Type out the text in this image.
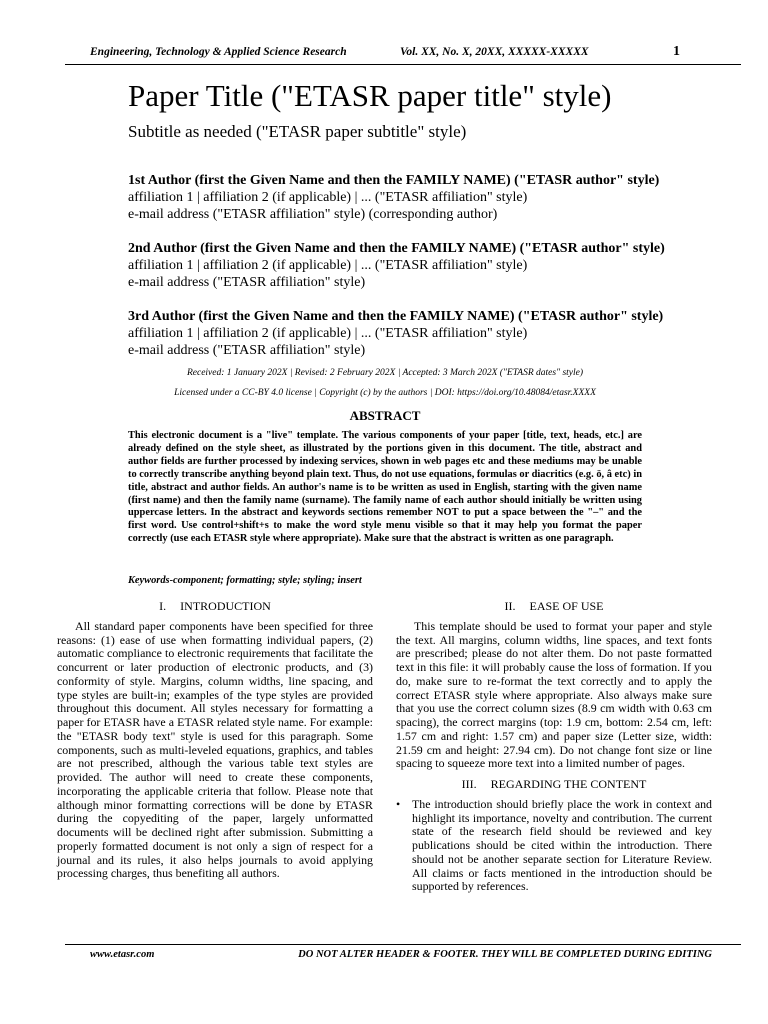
Engineering, Technology & Applied Science Research	Vol. XX, No. X, 20XX, XXXXX-XXXXX	1
Paper Title ("ETASR paper title" style)
Subtitle as needed ("ETASR paper subtitle" style)
1st Author (first the Given Name and then the FAMILY NAME) ("ETASR author" style)
affiliation 1 | affiliation 2 (if applicable) | ... ("ETASR affiliation" style)
e-mail address ("ETASR affiliation" style) (corresponding author)
2nd Author (first the Given Name and then the FAMILY NAME) ("ETASR author" style)
affiliation 1 | affiliation 2 (if applicable) | ... ("ETASR affiliation" style)
e-mail address ("ETASR affiliation" style)
3rd Author (first the Given Name and then the FAMILY NAME) ("ETASR author" style)
affiliation 1 | affiliation 2 (if applicable) | ... ("ETASR affiliation" style)
e-mail address ("ETASR affiliation" style)
Received: 1 January 202X | Revised: 2 February 202X | Accepted: 3 March 202X ("ETASR dates" style)
Licensed under a CC-BY 4.0 license | Copyright (c) by the authors | DOI: https://doi.org/10.48084/etasr.XXXX
ABSTRACT
This electronic document is a "live" template. The various components of your paper [title, text, heads, etc.] are already defined on the style sheet, as illustrated by the portions given in this document. The title, abstract and author fields are further processed by indexing services, shown in web pages etc and these mediums may be unable to correctly transcribe anything beyond plain text. Thus, do not use equations, formulas or diacritics (e.g. ö, â etc) in title, abstract and author fields. An author's name is to be written as used in English, starting with the given name (first name) and then the family name (surname). The family name of each author should initially be written using uppercase letters. In the abstract and keywords sections remember NOT to put a space between the "–" and the first word. Use control+shift+s to make the word style menu visible so that it may help you format the paper correctly (use each ETASR style where appropriate). Make sure that the abstract is written as one paragraph.
Keywords-component; formatting; style; styling; insert
I. INTRODUCTION

All standard paper components have been specified for three reasons: (1) ease of use when formatting individual papers, (2) automatic compliance to electronic requirements that facilitate the concurrent or later production of electronic products, and (3) conformity of style. Margins, column widths, line spacing, and type styles are built-in; examples of the type styles are provided throughout this document. All styles necessary for formatting a paper for ETASR have a ETASR related style name. For example: the "ETASR body text" style is used for this paragraph. Some components, such as multi-leveled equations, graphics, and tables are not prescribed, although the various table text styles are provided. The author will need to create these components, incorporating the applicable criteria that follow. Please note that although minor formatting corrections will be done by ETASR during the copyediting of the paper, largely unformatted documents will be declined right after submission. Submitting a properly formatted document is not only a sign of respect for a journal and its rules, it also helps journals to avoid applying processing charges, thus benefiting all authors.

II. EASE OF USE

This template should be used to format your paper and style the text. All margins, column widths, line spaces, and text fonts are prescribed; please do not alter them. Do not paste formatted text in this file: it will probably cause the loss of formation. If you do, make sure to re-format the text correctly and to apply the correct ETASR style where appropriate. Also always make sure that you use the correct column sizes (8.9 cm width with 0.63 cm spacing), the correct margins (top: 1.9 cm, bottom: 2.54 cm, left: 1.57 cm and right: 1.57 cm) and paper size (Letter size, width: 21.59 cm and height: 27.94 cm). Do not change font size or line spacing to squeeze more text into a limited number of pages.

III. REGARDING THE CONTENT
• The introduction should briefly place the work in context and highlight its importance, novelty and contribution. The current state of the research field should be reviewed and key publications should be cited within the introduction. There should not be another separate section for Literature Review. All claims or facts mentioned in the introduction should be supported by references.
www.etasr.com	DO NOT ALTER HEADER & FOOTER. THEY WILL BE COMPLETED DURING EDITING
